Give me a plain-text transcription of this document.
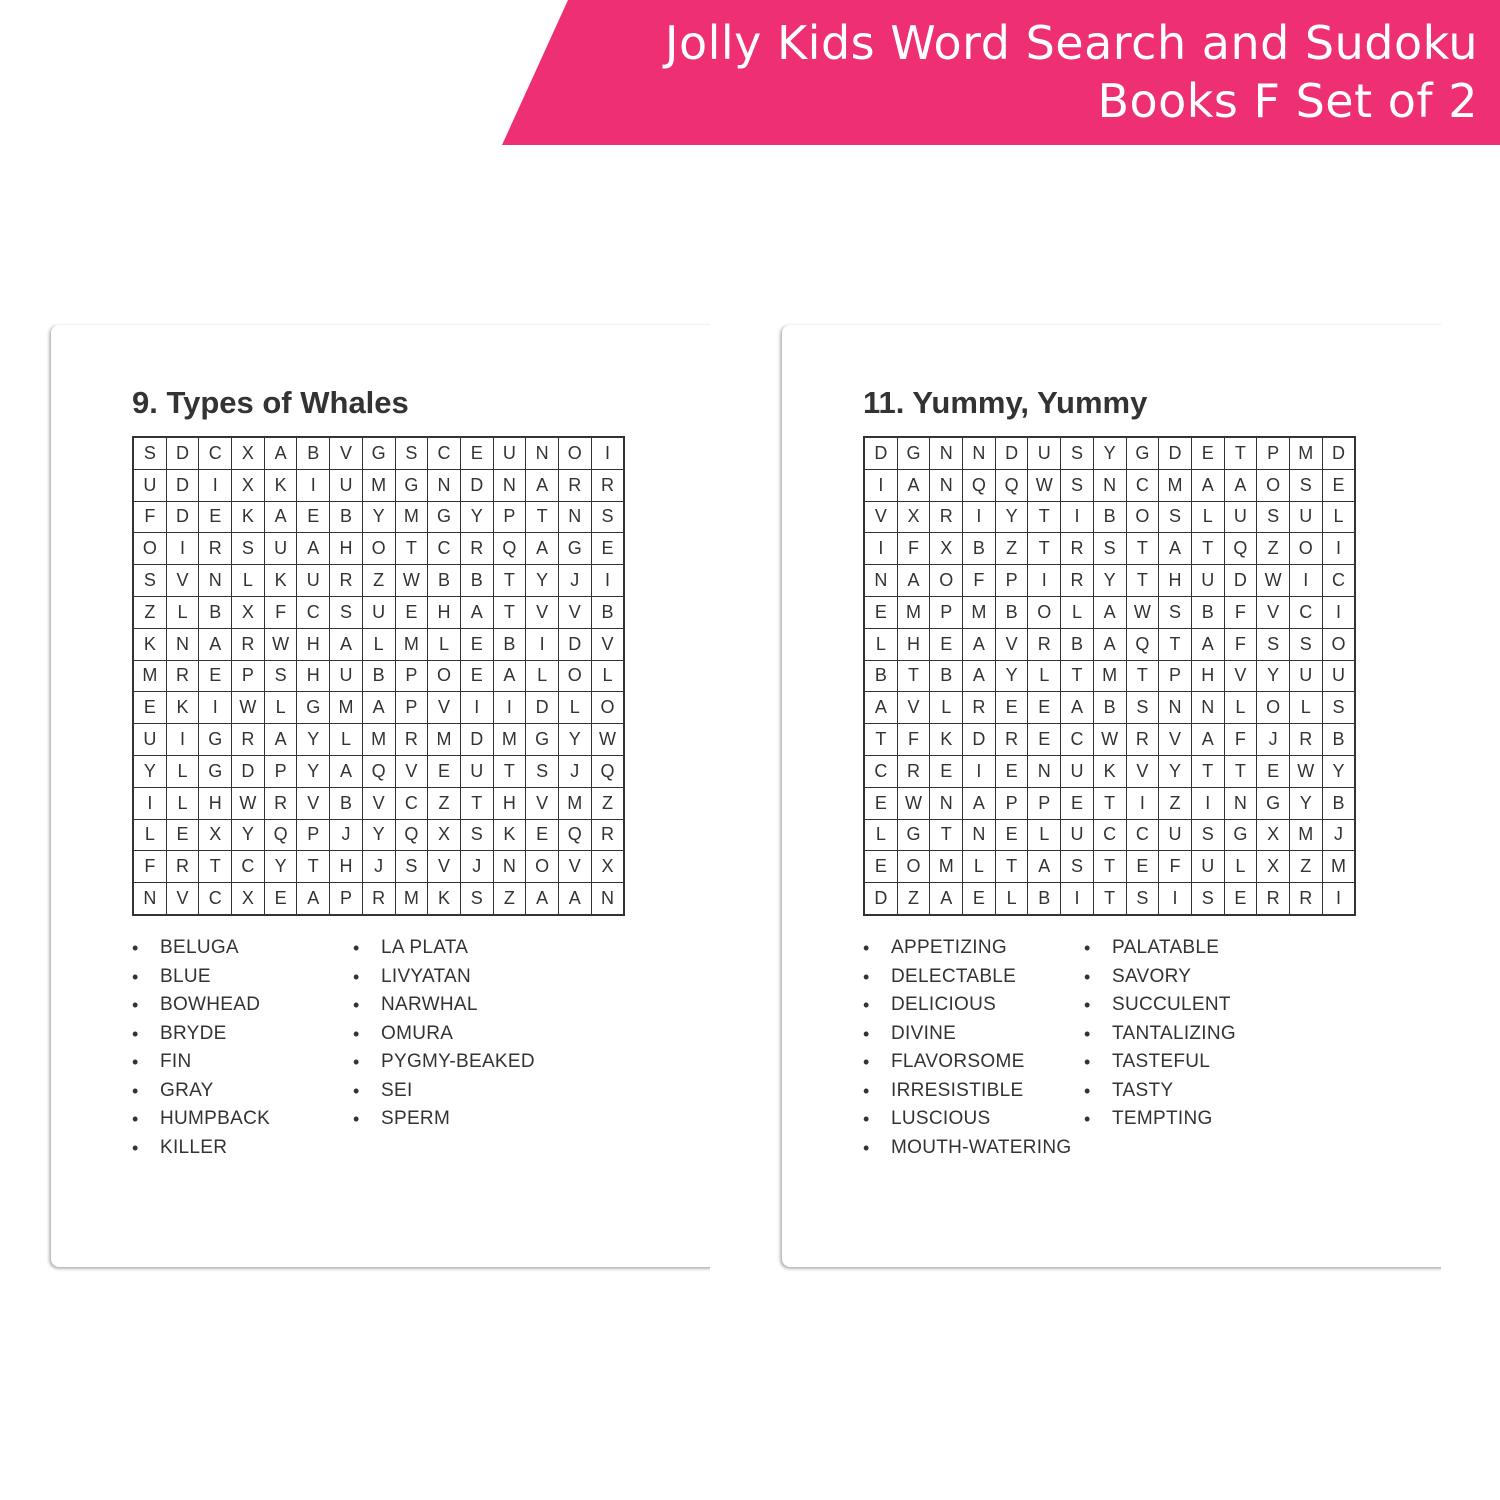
Jolly Kids Word Search and Sudoku
Books F Set of 2
9. Types of Whales
S	D	C	X	A	B	V	G	S	C	E	U	N	O	I
U	D	I	X	K	I	U	M	G	N	D	N	A	R	R
F	D	E	K	A	E	B	Y	M	G	Y	P	T	N	S
O	I	R	S	U	A	H	O	T	C	R	Q	A	G	E
S	V	N	L	K	U	R	Z	W	B	B	T	Y	J	I
Z	L	B	X	F	C	S	U	E	H	A	T	V	V	B
K	N	A	R	W	H	A	L	M	L	E	B	I	D	V
M	R	E	P	S	H	U	B	P	O	E	A	L	O	L
E	K	I	W	L	G	M	A	P	V	I	I	D	L	O
U	I	G	R	A	Y	L	M	R	M	D	M	G	Y	W
Y	L	G	D	P	Y	A	Q	V	E	U	T	S	J	Q
I	L	H	W	R	V	B	V	C	Z	T	H	V	M	Z
L	E	X	Y	Q	P	J	Y	Q	X	S	K	E	Q	R
F	R	T	C	Y	T	H	J	S	V	J	N	O	V	X
N	V	C	X	E	A	P	R	M	K	S	Z	A	A	N
• BELUGA
• BLUE
• BOWHEAD
• BRYDE
• FIN
• GRAY
• HUMPBACK
• KILLER
• LA PLATA
• LIVYATAN
• NARWHAL
• OMURA
• PYGMY-BEAKED
• SEI
• SPERM
11. Yummy, Yummy
D	G	N	N	D	U	S	Y	G	D	E	T	P	M	D
I	A	N	Q	Q	W	S	N	C	M	A	A	O	S	E
V	X	R	I	Y	T	I	B	O	S	L	U	S	U	L
I	F	X	B	Z	T	R	S	T	A	T	Q	Z	O	I
N	A	O	F	P	I	R	Y	T	H	U	D	W	I	C
E	M	P	M	B	O	L	A	W	S	B	F	V	C	I
L	H	E	A	V	R	B	A	Q	T	A	F	S	S	O
B	T	B	A	Y	L	T	M	T	P	H	V	Y	U	U
A	V	L	R	E	E	A	B	S	N	N	L	O	L	S
T	F	K	D	R	E	C	W	R	V	A	F	J	R	B
C	R	E	I	E	N	U	K	V	Y	T	T	E	W	Y
E	W	N	A	P	P	E	T	I	Z	I	N	G	Y	B
L	G	T	N	E	L	U	C	C	U	S	G	X	M	J
E	O	M	L	T	A	S	T	E	F	U	L	X	Z	M
D	Z	A	E	L	B	I	T	S	I	S	E	R	R	I
• APPETIZING
• DELECTABLE
• DELICIOUS
• DIVINE
• FLAVORSOME
• IRRESISTIBLE
• LUSCIOUS
• MOUTH-WATERING
• PALATABLE
• SAVORY
• SUCCULENT
• TANTALIZING
• TASTEFUL
• TASTY
• TEMPTING
